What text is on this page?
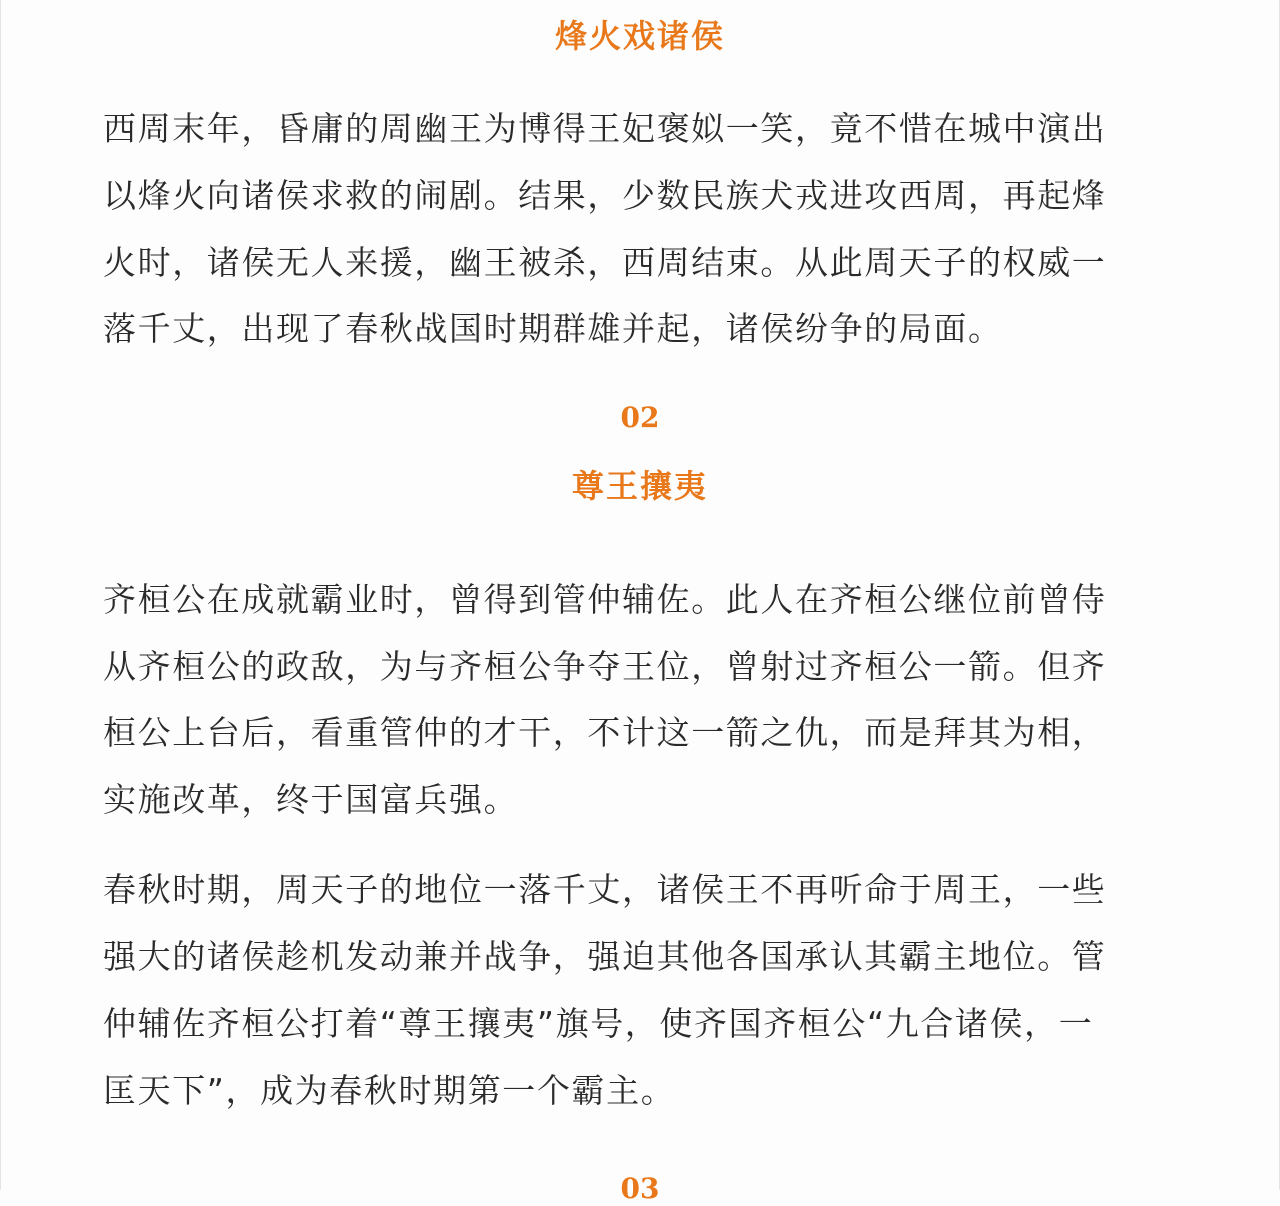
烽火戏诸侯
西周末年，昏庸的周幽王为博得王妃褒姒一笑，竟不惜在城中演出
以烽火向诸侯求救的闹剧。结果，少数民族犬戎进攻西周，再起烽
火时，诸侯无人来援，幽王被杀，西周结束。从此周天子的权威一
落千丈，出现了春秋战国时期群雄并起，诸侯纷争的局面。
02
尊王攘夷
齐桓公在成就霸业时，曾得到管仲辅佐。此人在齐桓公继位前曾侍
从齐桓公的政敌，为与齐桓公争夺王位，曾射过齐桓公一箭。但齐
桓公上台后，看重管仲的才干，不计这一箭之仇，而是拜其为相，
实施改革，终于国富兵强。
春秋时期，周天子的地位一落千丈，诸侯王不再听命于周王，一些
强大的诸侯趁机发动兼并战争，强迫其他各国承认其霸主地位。管
仲辅佐齐桓公打着“尊王攘夷”旗号，使齐国齐桓公“九合诸侯，一
匡天下”，成为春秋时期第一个霸主。
03
